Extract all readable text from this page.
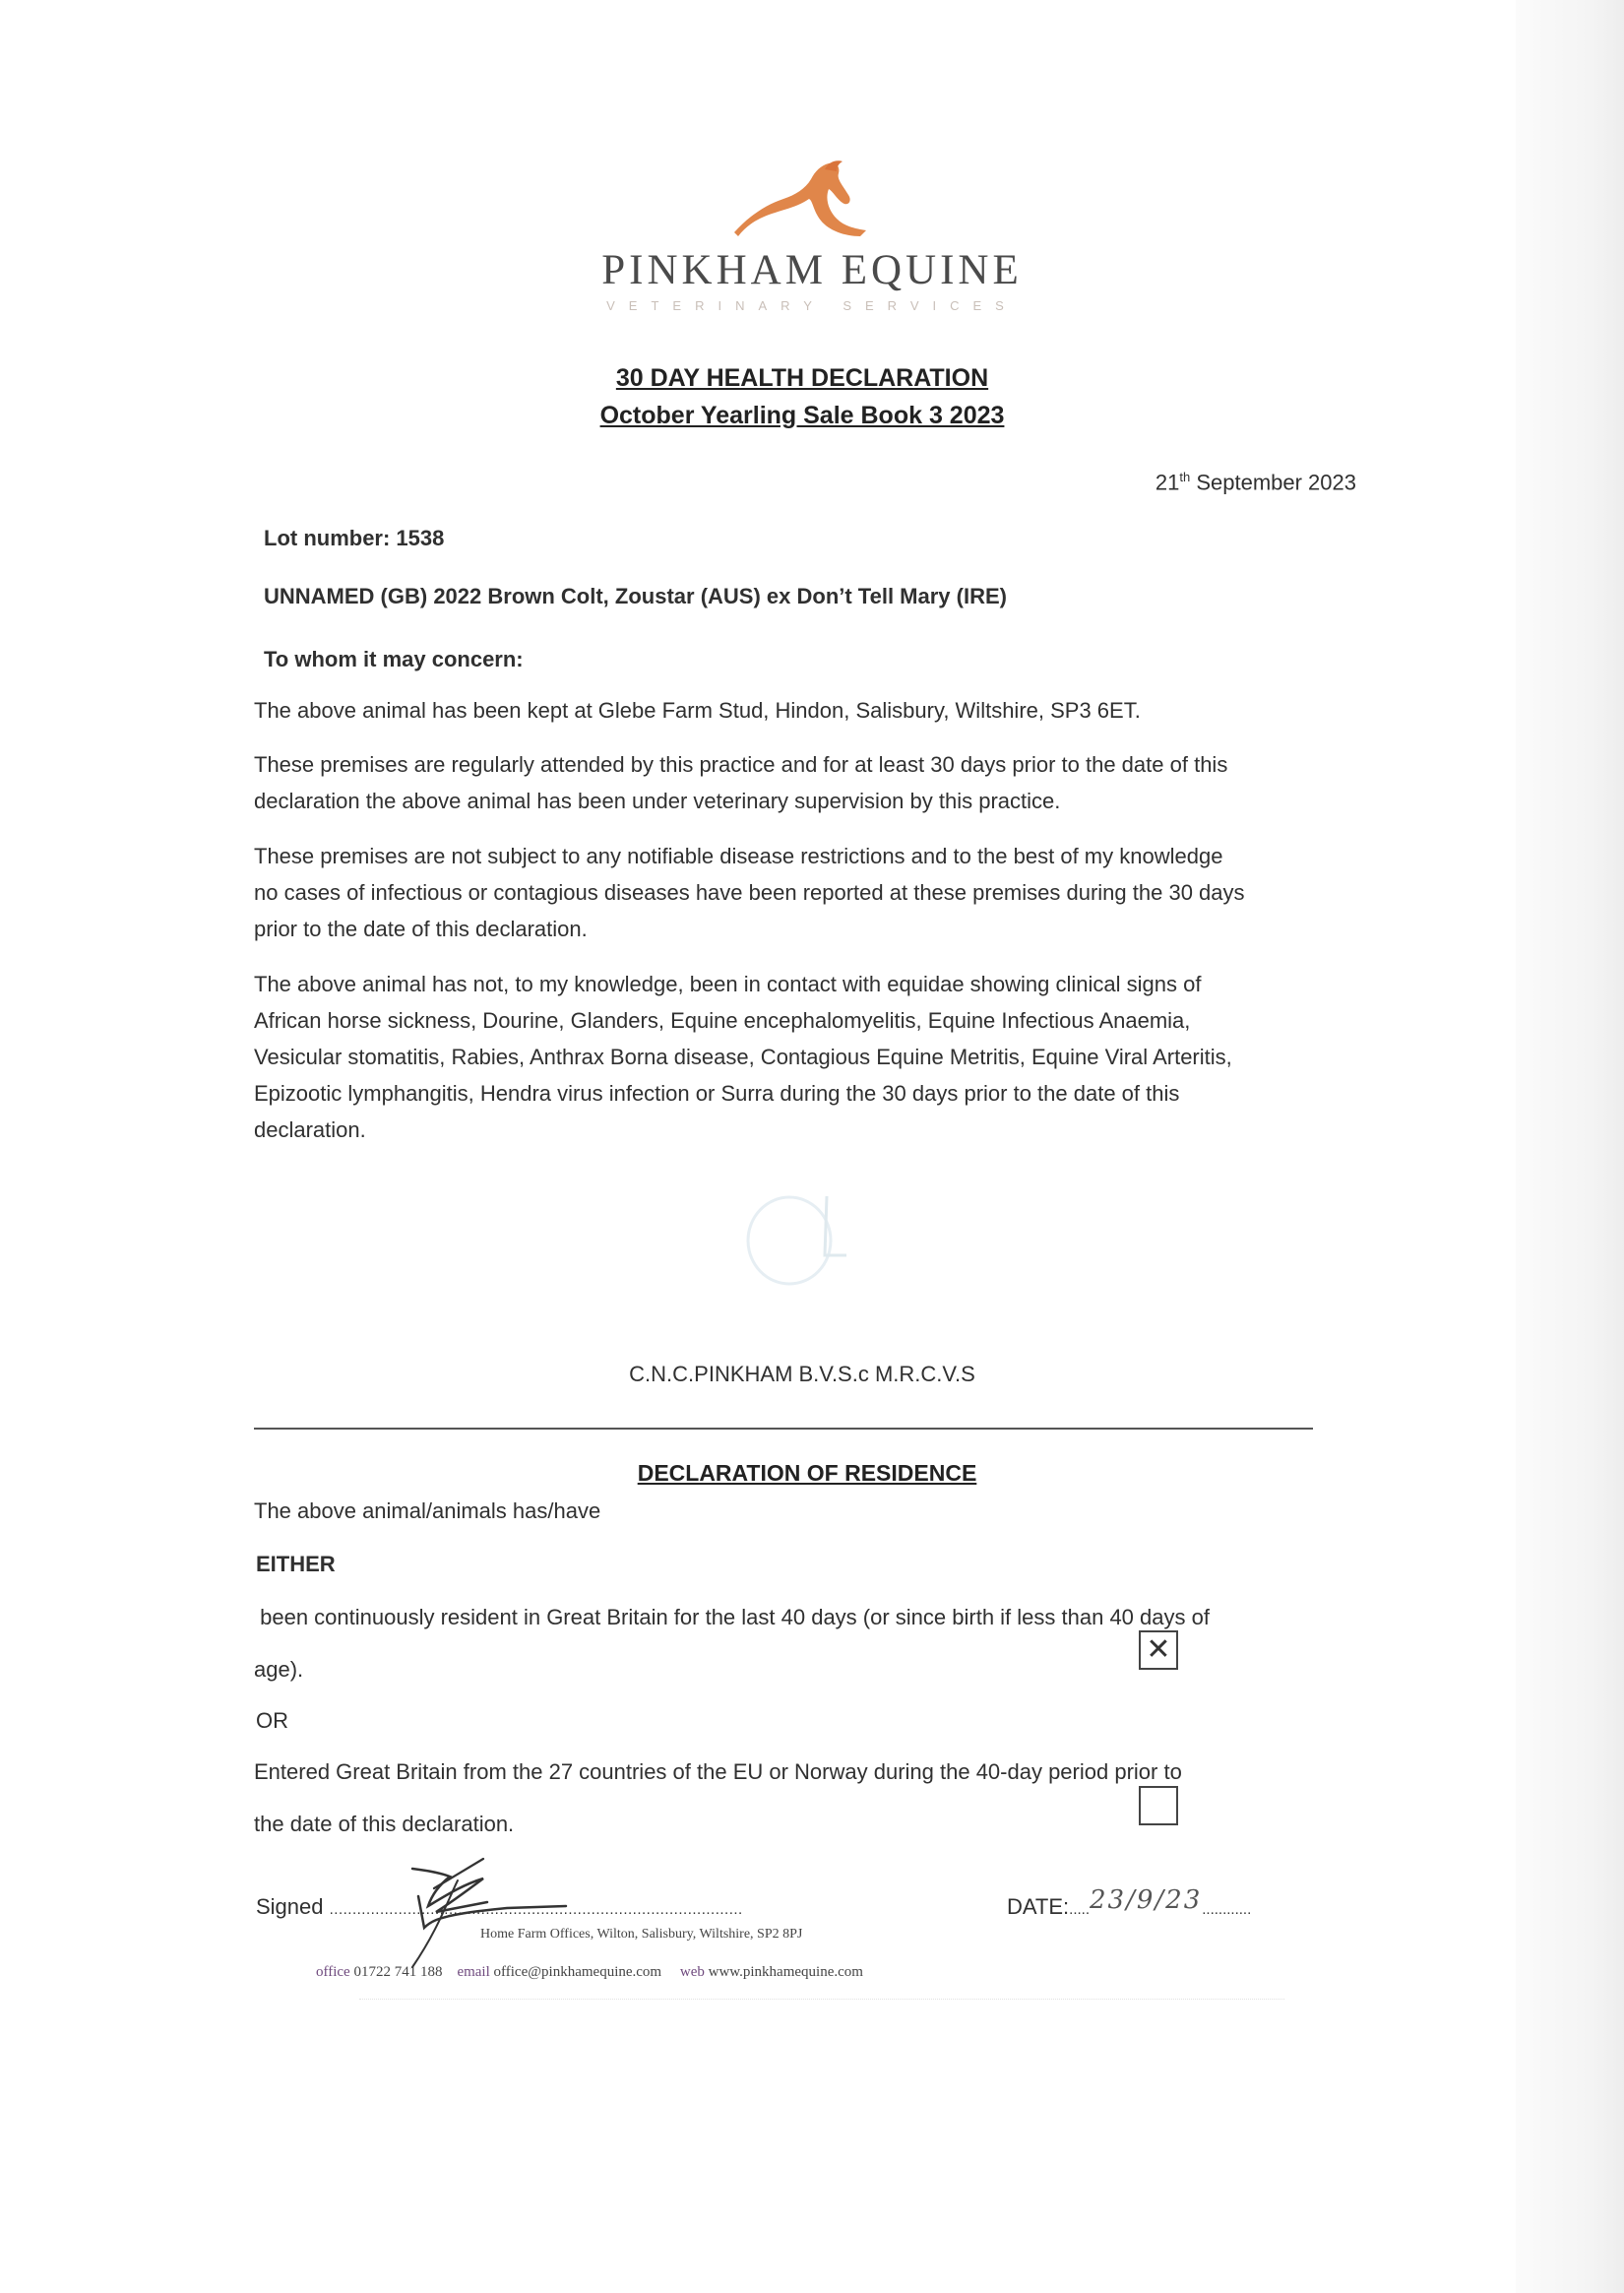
PINKHAM EQUINE
VETERINARY SERVICES
30 DAY HEALTH DECLARATION
October Yearling Sale Book 3 2023
21th September 2023
Lot number: 1538
UNNAMED (GB) 2022 Brown Colt, Zoustar (AUS) ex Don’t Tell Mary (IRE)
To whom it may concern:
The above animal has been kept at Glebe Farm Stud, Hindon, Salisbury, Wiltshire, SP3 6ET.
These premises are regularly attended by this practice and for at least 30 days prior to the date of this
declaration the above animal has been under veterinary supervision by this practice.
These premises are not subject to any notifiable disease restrictions and to the best of my knowledge
no cases of infectious or contagious diseases have been reported at these premises during the 30 days
prior to the date of this declaration.
The above animal has not, to my knowledge, been in contact with equidae showing clinical signs of
African horse sickness, Dourine, Glanders, Equine encephalomyelitis, Equine Infectious Anaemia,
Vesicular stomatitis, Rabies, Anthrax Borna disease, Contagious Equine Metritis, Equine Viral Arteritis,
Epizootic lymphangitis, Hendra virus infection or Surra during the 30 days prior to the date of this
declaration.
C.N.C.PINKHAM B.V.S.c M.R.C.V.S
DECLARATION OF RESIDENCE
The above animal/animals has/have
EITHER
been continuously resident in Great Britain for the last 40 days (or since birth if less than 40 days of
age).
✕
OR
Entered Great Britain from the 27 countries of the EU or Norway during the 40-day period prior to
the date of this declaration.
Signed ..........................................................................................	DATE:.....23/9/23............
Home Farm Offices, Wilton, Salisbury, Wiltshire, SP2 8PJ
office 01722 741 188 email office@pinkhamequine.com web www.pinkhamequine.com
